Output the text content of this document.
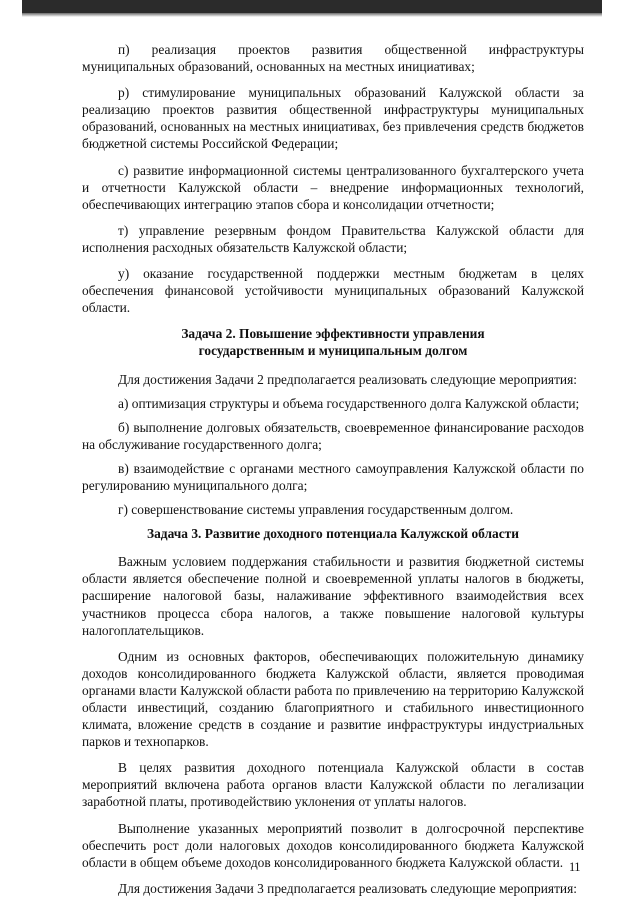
п) реализация проектов развития общественной инфраструктуры муниципальных образований, основанных на местных инициативах;

р) стимулирование муниципальных образований Калужской области за реализацию проектов развития общественной инфраструктуры муниципальных образований, основанных на местных инициативах, без привлечения средств бюджетов бюджетной системы Российской Федерации;

с) развитие информационной системы централизованного бухгалтерского учета и отчетности Калужской области – внедрение информационных технологий, обеспечивающих интеграцию этапов сбора и консолидации отчетности;

т) управление резервным фондом Правительства Калужской области для исполнения расходных обязательств Калужской области;

у) оказание государственной поддержки местным бюджетам в целях обеспечения финансовой устойчивости муниципальных образований Калужской области.

Задача 2. Повышение эффективности управления
государственным и муниципальным долгом

Для достижения Задачи 2 предполагается реализовать следующие мероприятия:

а) оптимизация структуры и объема государственного долга Калужской области;

б) выполнение долговых обязательств, своевременное финансирование расходов на обслуживание государственного долга;

в) взаимодействие с органами местного самоуправления Калужской области по регулированию муниципального долга;

г) совершенствование системы управления государственным долгом.

Задача 3. Развитие доходного потенциала Калужской области

Важным условием поддержания стабильности и развития бюджетной системы области является обеспечение полной и своевременной уплаты налогов в бюджеты, расширение налоговой базы, налаживание эффективного взаимодействия всех участников процесса сбора налогов, а также повышение налоговой культуры налогоплательщиков.

Одним из основных факторов, обеспечивающих положительную динамику доходов консолидированного бюджета Калужской области, является проводимая органами власти Калужской области работа по привлечению на территорию Калужской области инвестиций, созданию благоприятного и стабильного инвестиционного климата, вложение средств в создание и развитие инфраструктуры индустриальных парков и технопарков.

В целях развития доходного потенциала Калужской области в состав мероприятий включена работа органов власти Калужской области по легализации заработной платы, противодействию уклонения от уплаты налогов.

Выполнение указанных мероприятий позволит в долгосрочной перспективе обеспечить рост доли налоговых доходов консолидированного бюджета Калужской области в общем объеме доходов консолидированного бюджета Калужской области.

Для достижения Задачи 3 предполагается реализовать следующие мероприятия:

11
